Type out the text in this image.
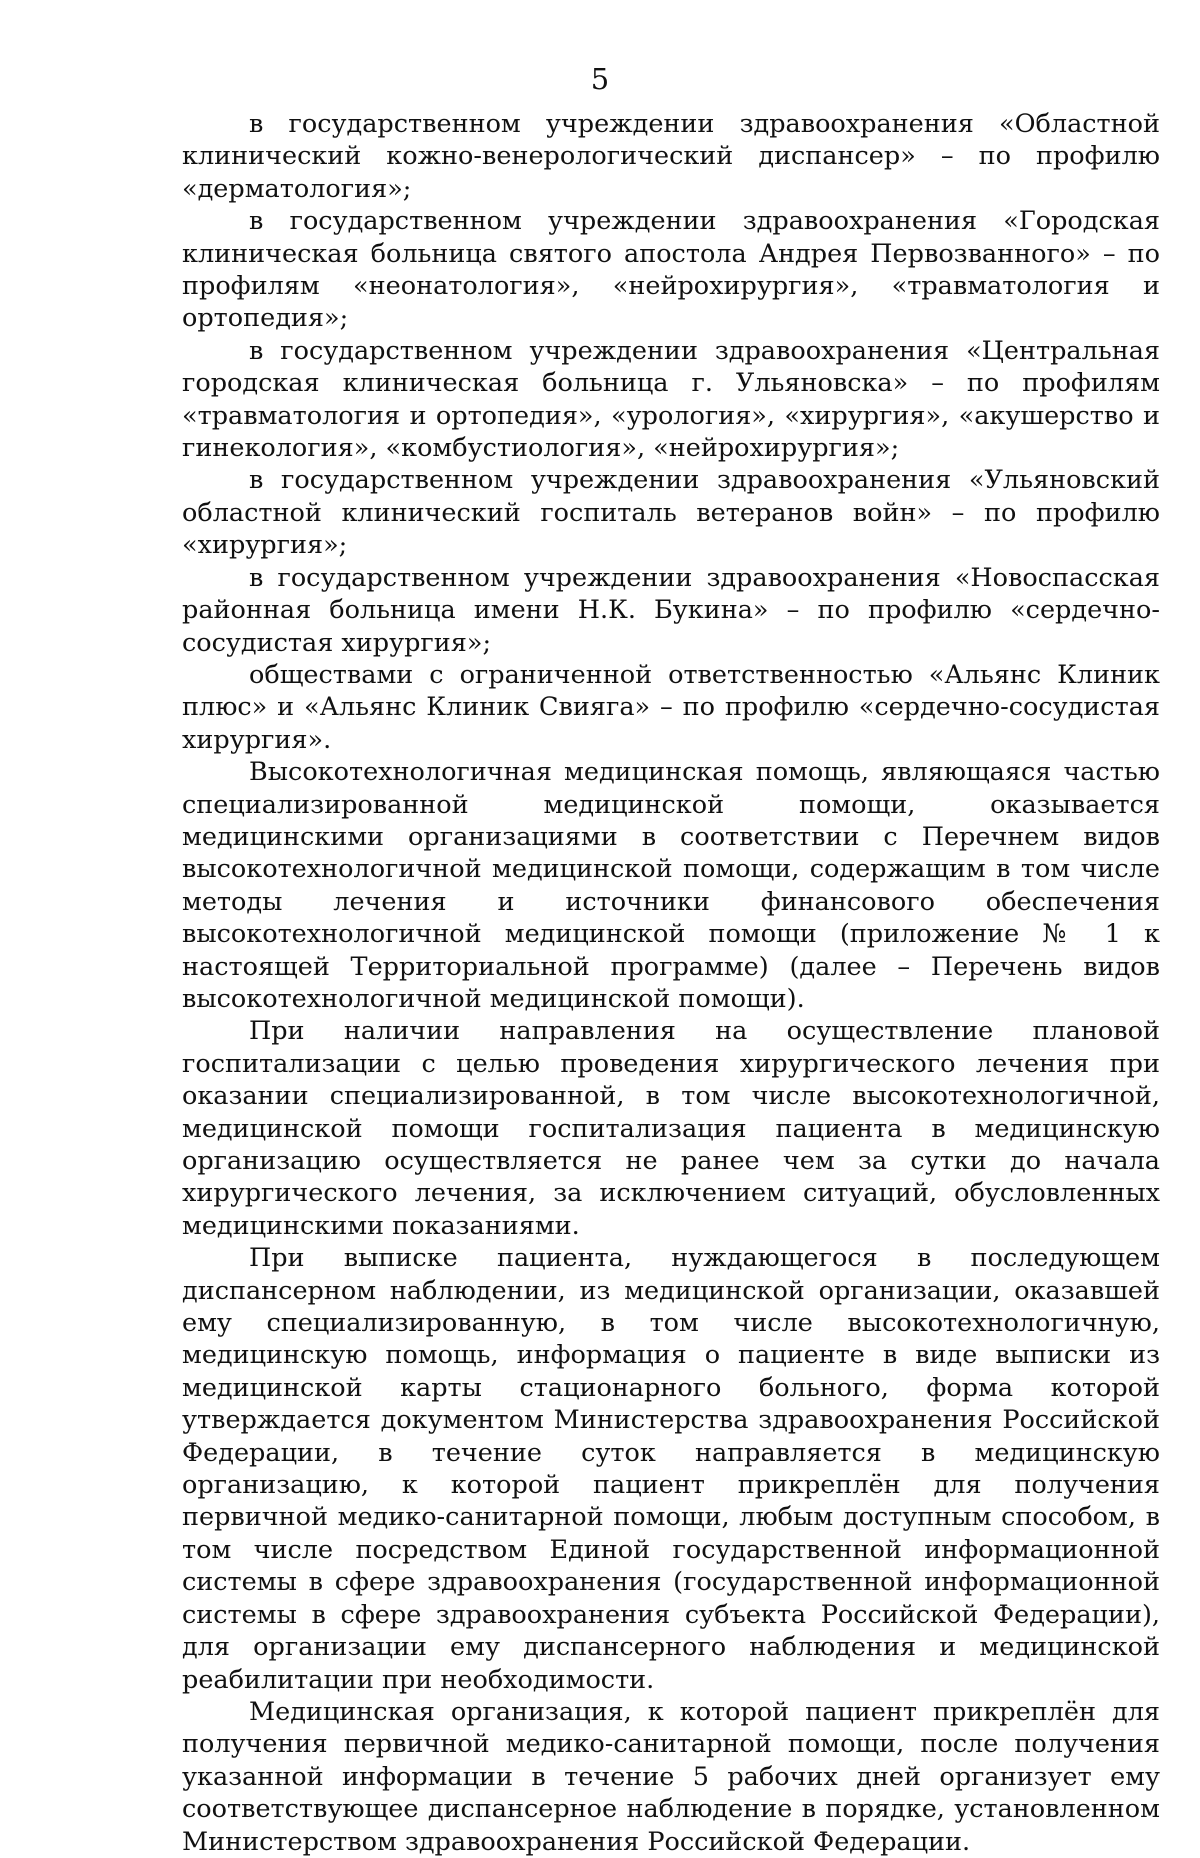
5

в государственном учреждении здравоохранения «Областной клинический кожно-венерологический диспансер» – по профилю «дерматология»;

в государственном учреждении здравоохранения «Городская клиническая больница святого апостола Андрея Первозванного» – по профилям «неонатология», «нейрохирургия», «травматология и ортопедия»;

в государственном учреждении здравоохранения «Центральная городская клиническая больница г. Ульяновска» – по профилям «травматология и ортопедия», «урология», «хирургия», «акушерство и гинекология», «комбустиология», «нейрохирургия»;

в государственном учреждении здравоохранения «Ульяновский областной клинический госпиталь ветеранов войн» – по профилю «хирургия»;

в государственном учреждении здравоохранения «Новоспасская районная больница имени Н.К. Букина» – по профилю «сердечно-сосудистая хирургия»;

обществами с ограниченной ответственностью «Альянс Клиник плюс» и «Альянс Клиник Свияга» – по профилю «сердечно-сосудистая хирургия».

Высокотехнологичная медицинская помощь, являющаяся частью специализированной медицинской помощи, оказывается медицинскими организациями в соответствии с Перечнем видов высокотехнологичной медицинской помощи, содержащим в том числе методы лечения и источники финансового обеспечения высокотехнологичной медицинской помощи (приложение № 1 к настоящей Территориальной программе) (далее – Перечень видов высокотехнологичной медицинской помощи).

При наличии направления на осуществление плановой госпитализации с целью проведения хирургического лечения при оказании специализированной, в том числе высокотехнологичной, медицинской помощи госпитализация пациента в медицинскую организацию осуществляется не ранее чем за сутки до начала хирургического лечения, за исключением ситуаций, обусловленных медицинскими показаниями.

При выписке пациента, нуждающегося в последующем диспансерном наблюдении, из медицинской организации, оказавшей ему специализированную, в том числе высокотехнологичную, медицинскую помощь, информация о пациенте в виде выписки из медицинской карты стационарного больного, форма которой утверждается документом Министерства здравоохранения Российской Федерации, в течение суток направляется в медицинскую организацию, к которой пациент прикреплён для получения первичной медико-санитарной помощи, любым доступным способом, в том числе посредством Единой государственной информационной системы в сфере здравоохранения (государственной информационной системы в сфере здравоохранения субъекта Российской Федерации), для организации ему диспансерного наблюдения и медицинской реабилитации при необходимости.

Медицинская организация, к которой пациент прикреплён для получения первичной медико-санитарной помощи, после получения указанной информации в течение 5 рабочих дней организует ему соответствующее диспансерное наблюдение в порядке, установленном Министерством здравоохранения Российской Федерации.
